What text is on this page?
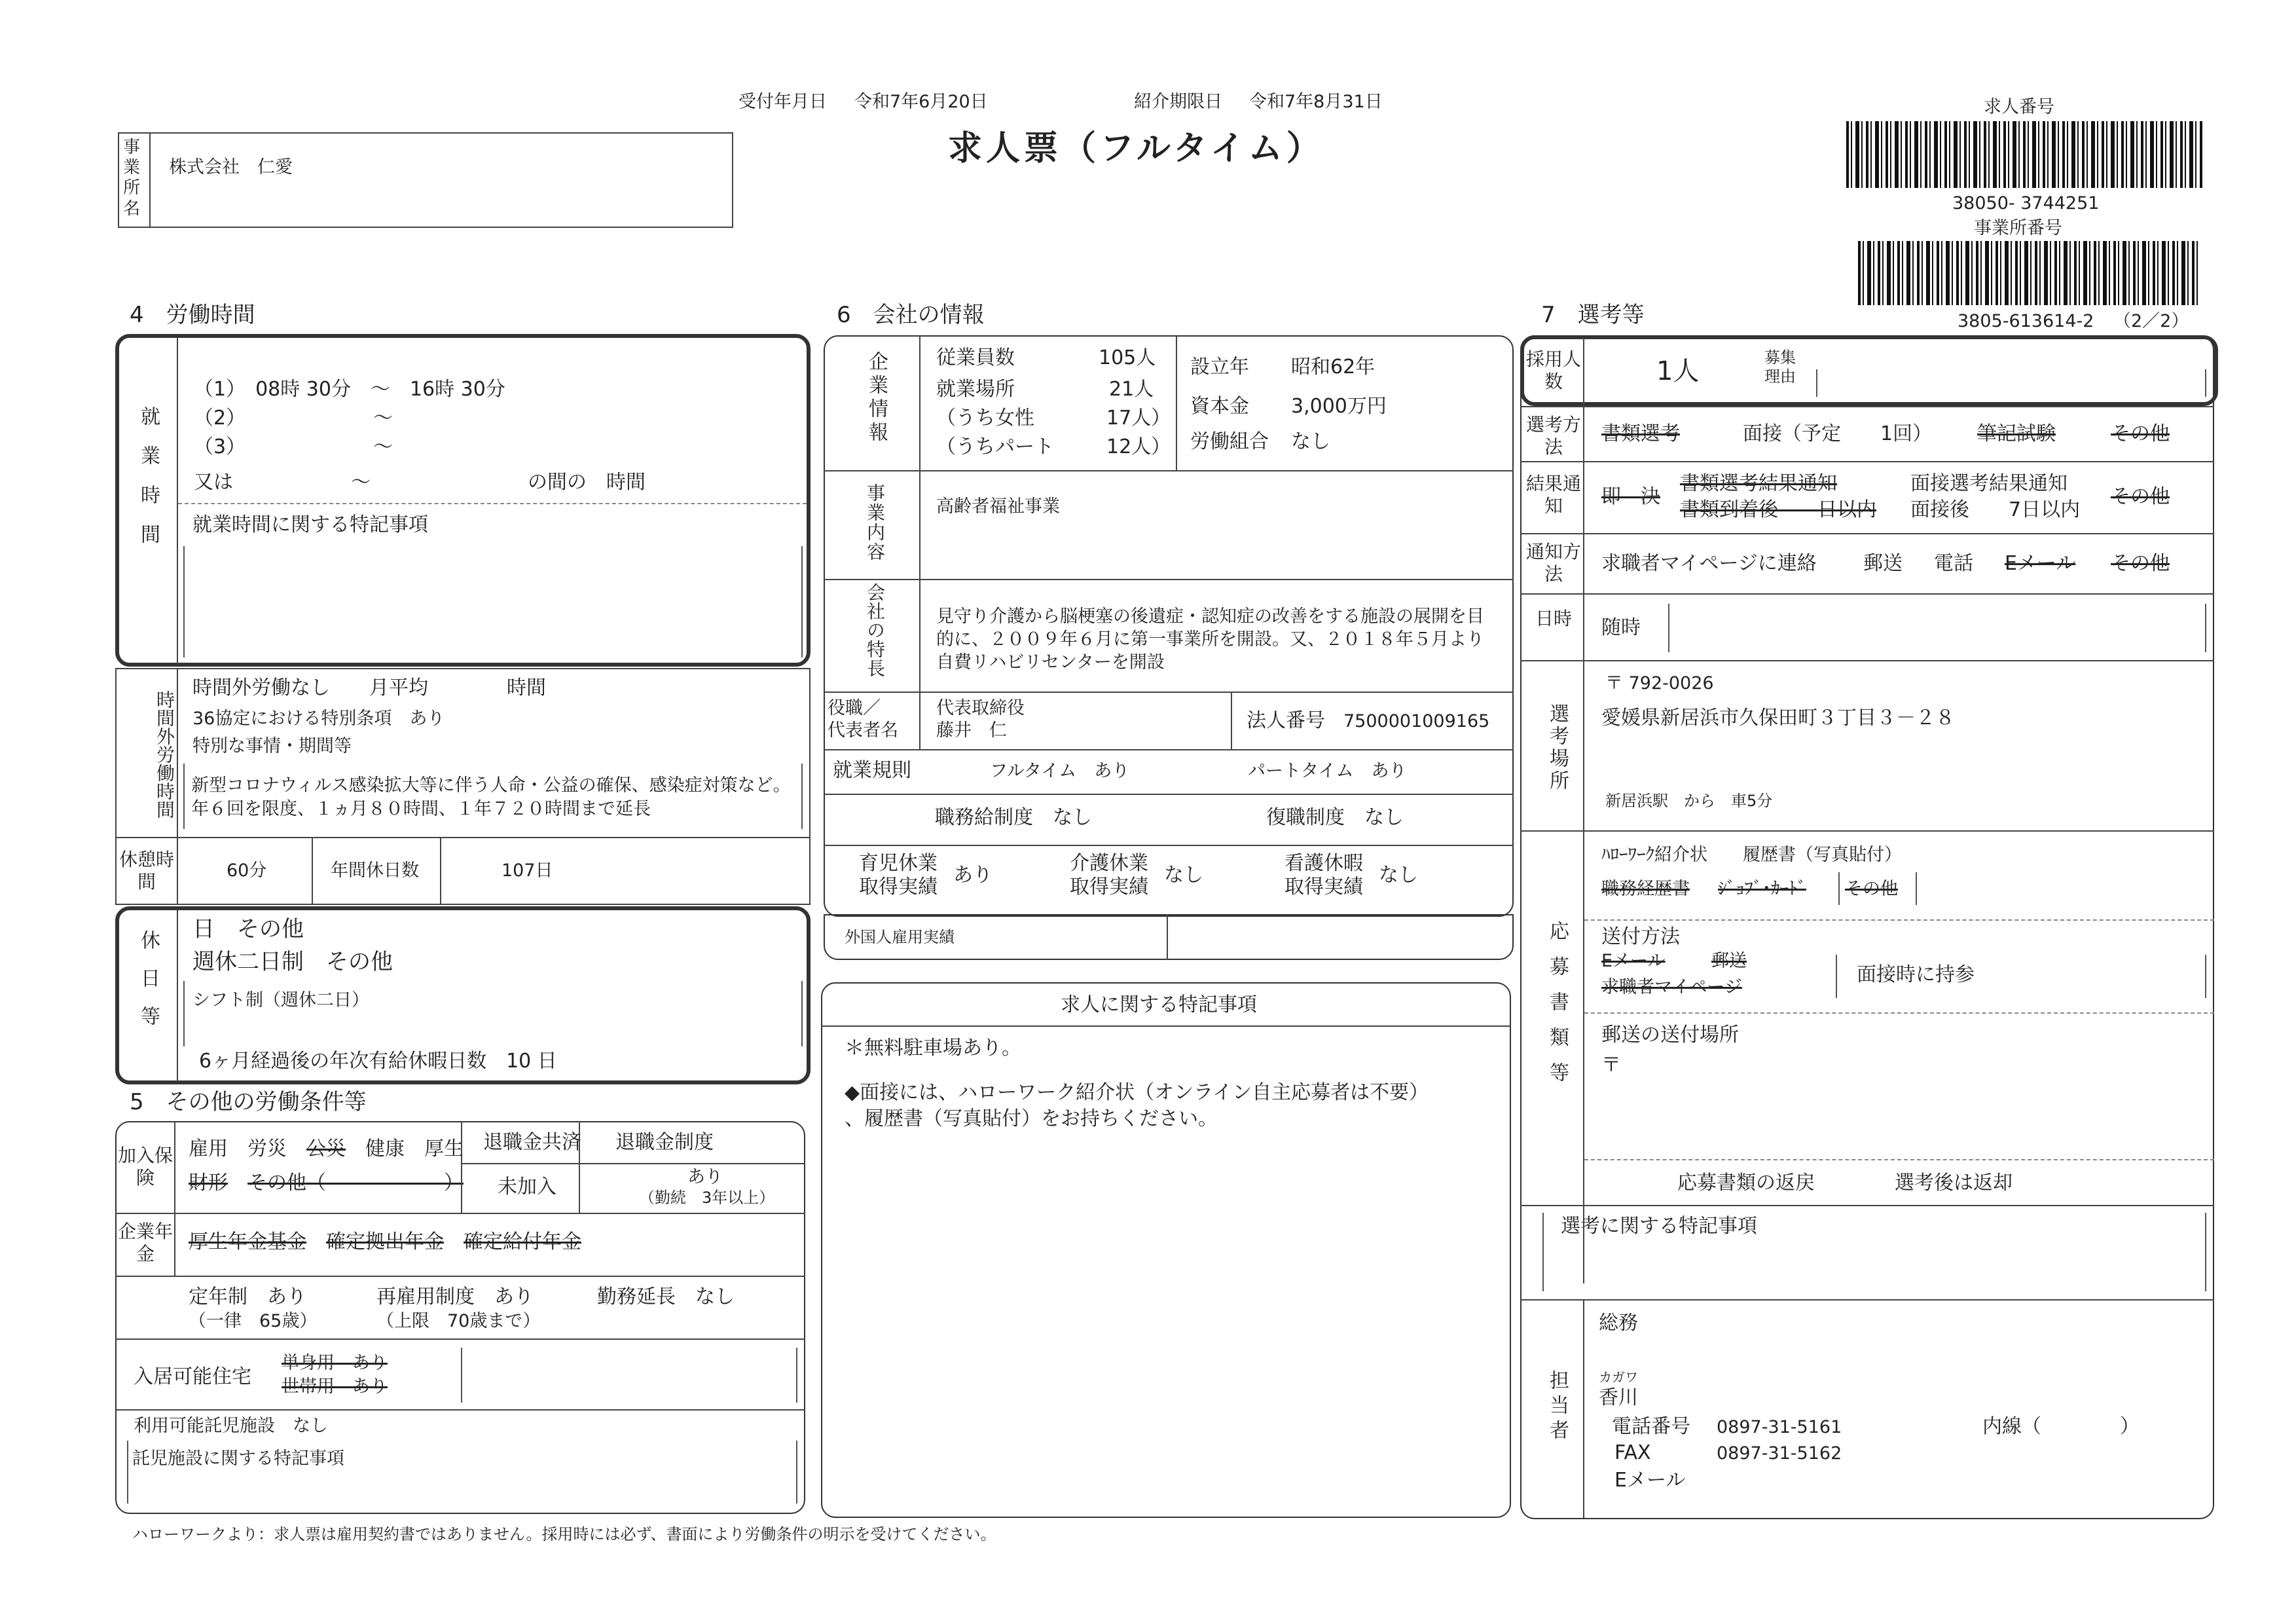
受付年月日 令和7年6月20日	紹介期限日 令和7年8月31日
求人票（フルタイム）
事業所名
株式会社　仁愛
求人番号
38050- 3744251
事業所番号
3805-613614-2 （2／2）
4　労働時間	6　会社の情報	7　選考等
就業時間
（1）　08時 30分　～　16時 30分
（2）　　　　　　　～
（3）　　　　　　　～
又は　　　　　　～　　　　　　　　の間の　時間
就業時間に関する特記事項
時間外労働時間
時間外労働なし　　月平均　　　　時間
36協定における特別条項　あり
特別な事情・期間等
新型コロナウィルス感染拡大等に伴う人命・公益の確保、感染症対策など。年６回を限度、１ヵ月８０時間、１年７２０時間まで延長
休憩時間
60分	年間休日数	107日
休日等
日　その他
週休二日制　その他
シフト制（週休二日）
6ヶ月経過後の年次有給休暇日数　10 日
5　その他の労働条件等
加入保険
雇用　 労災　 公災　 健康　 厚生
財形　 その他（　　　　　　）
退職金共済 退職金制度
未加入	あり
（勤続　3年以上）
企業年金
厚生年金基金　 確定拠出年金　 確定給付年金
定年制　あり
（一律　65歳）
再雇用制度　あり
（上限　70歳まで）
勤務延長　なし
入居可能住宅
単身用　あり
世帯用　あり
利用可能託児施設　なし
託児施設に関する特記事項
企業情報 従業員数	105人
就業場所	21人
（うち女性	17人）
（うちパート	12人）
設立年 昭和62年
資本金 3,000万円
労働組合 なし
事業内容	高齢者福祉事業
会社の特長	見守り介護から脳梗塞の後遺症・認知症の改善をする施設の展開を目的に、２００９年６月に第一事業所を開設。又、２０１８年５月より自費リハビリセンターを開設
役職／
代表者名
代表取締役
藤井　仁	法人番号 7500001009165
就業規則	フルタイム　あり	パートタイム　あり
職務給制度　なし	復職制度　なし
育児休業
取得実績
あり
介護休業
取得実績
なし
看護休暇
取得実績
なし
外国人雇用実績
求人に関する特記事項
＊無料駐車場あり。
◆面接には、ハローワーク紹介状（オンライン自主応募者は不要）
、履歴書（写真貼付）をお持ちください。
採用人数	1人	募集理由
選考方法
書類選考	面接（予定　　1回） 筆記試験	その他
結果通知	即　決
書類選考結果通知
書類到着後　　日以内
面接選考結果通知
面接後　　7日以内
その他
通知方法	求職者マイページに連絡 郵送 電話 Eメール その他
日時	随時
選考場所
〒 792-0026
愛媛県新居浜市久保田町３丁目３－２８
新居浜駅　から　車5分
応募書類等
ﾊﾛｰﾜｰｸ紹介状　　履歴書（写真貼付）
職務経歴書 ｼﾞｮﾌﾞ･ｶｰﾄﾞ その他
送付方法
Eメール	郵送
求職者マイページ
面接時に持参
郵送の送付場所
〒
応募書類の返戻	選考後は返却
選考に関する特記事項
担当者
総務
カガワ
香川
電話番号 0897-31-5161	内線（　　　　）
FAX	0897-31-5162
Eメール
ハローワークより：求人票は雇用契約書ではありません。採用時には必ず、書面により労働条件の明示を受けてください。
